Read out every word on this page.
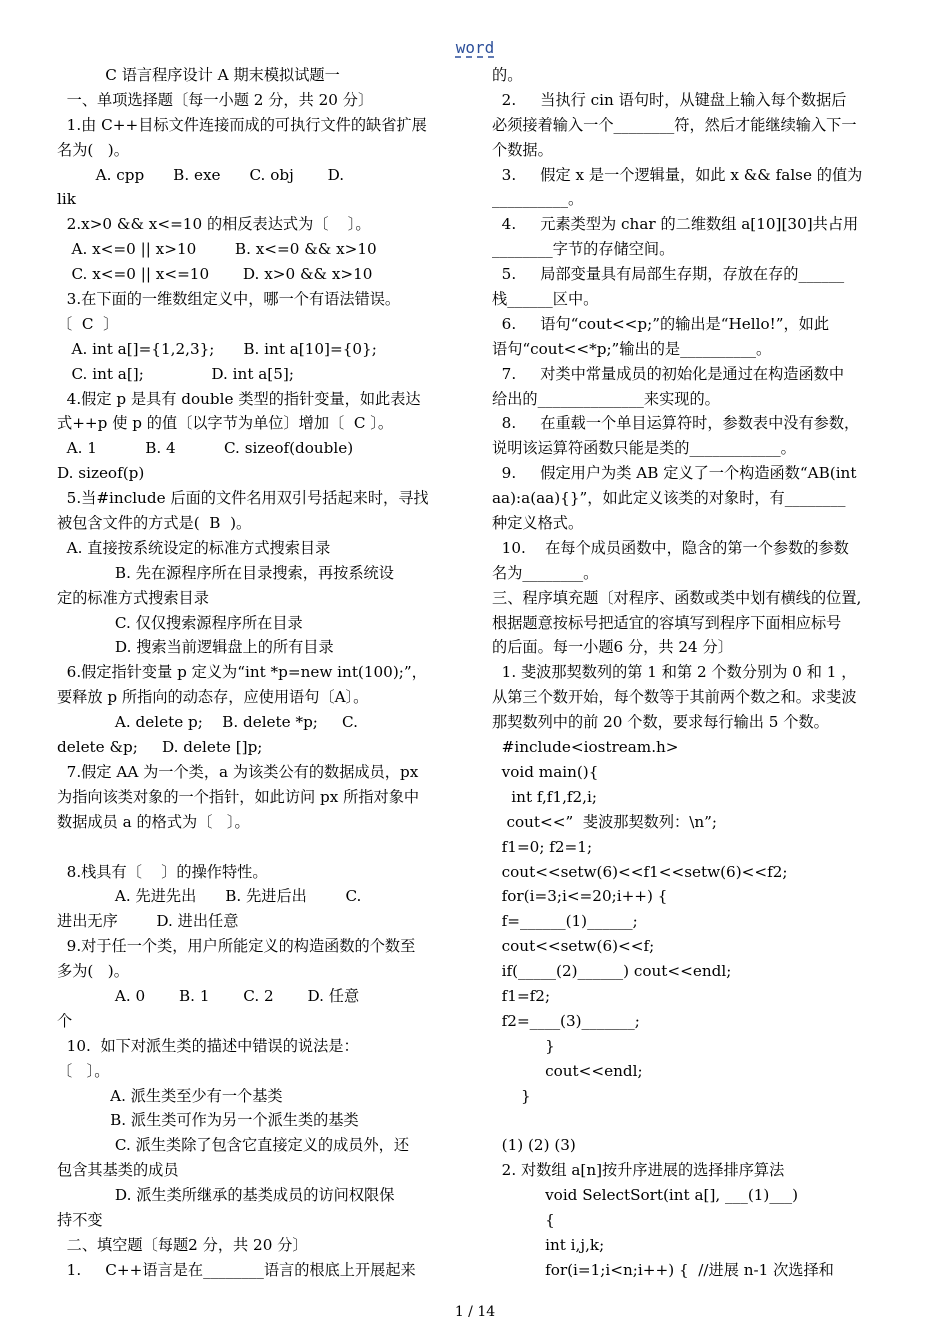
word
C 语言程序设计 A 期末模拟试题一
一、单项选择题〔每一小题 2 分，共 20 分〕
1.由 C++目标文件连接而成的可执行文件的缺省扩展
名为(   )。
A. cpp      B. exe      C. obj       D.
lik
2.x>0 && x<=10 的相反表达式为〔    〕。
A. x<=0 || x>10        B. x<=0 && x>10
C. x<=0 || x<=10       D. x>0 && x>10
3.在下面的一维数组定义中，哪一个有语法错误。
〔  C  〕
A. int a[]={1,2,3};      B. int a[10]={0};
C. int a[];              D. int a[5];
4.假定 p 是具有 double 类型的指针变量，如此表达
式++p 使 p 的值〔以字节为单位〕增加〔  C 〕。
A. 1          B. 4          C. sizeof(double)
D. sizeof(p)
5.当#include 后面的文件名用双引号括起来时，寻找
被包含文件的方式是(  B  )。
A. 直接按系统设定的标准方式搜索目录
B. 先在源程序所在目录搜索，再按系统设
定的标准方式搜索目录
C. 仅仅搜索源程序所在目录
D. 搜索当前逻辑盘上的所有目录
6.假定指针变量 p 定义为“int *p=new int(100);”，
要释放 p 所指向的动态存，应使用语句〔A〕。
A. delete p;    B. delete *p;     C.
delete &p;     D. delete []p;
7.假定 AA 为一个类，a 为该类公有的数据成员，px
为指向该类对象的一个指针，如此访问 px 所指对象中
数据成员 a 的格式为〔   〕。
8.栈具有〔    〕的操作特性。
A. 先进先出      B. 先进后出        C.
进出无序        D. 进出任意
9.对于任一个类，用户所能定义的构造函数的个数至
多为(   )。
A. 0       B. 1       C. 2       D. 任意
个
10.  如下对派生类的描述中错误的说法是：
〔   〕。
A. 派生类至少有一个基类
B. 派生类可作为另一个派生类的基类
C. 派生类除了包含它直接定义的成员外，还
包含其基类的成员
D. 派生类所继承的基类成员的访问权限保
持不变
二、填空题〔每题2 分，共 20 分〕
1.     C++语言是在________语言的根底上开展起来
的。
2.     当执行 cin 语句时，从键盘上输入每个数据后
必须接着输入一个________符，然后才能继续输入下一
个数据。
3.     假定 x 是一个逻辑量，如此 x && false 的值为
__________。
4.     元素类型为 char 的二维数组 a[10][30]共占用
________字节的存储空间。
5.     局部变量具有局部生存期，存放在存的______
栈______区中。
6.     语句“cout<<p;”的输出是“Hello!”，如此
语句“cout<<*p;”输出的是__________。
7.     对类中常量成员的初始化是通过在构造函数中
给出的______________来实现的。
8.     在重载一个单目运算符时，参数表中没有参数，
说明该运算符函数只能是类的____________。
9.     假定用户为类 AB 定义了一个构造函数“AB(int
aa):a(aa){}”，如此定义该类的对象时，有________
种定义格式。
10.    在每个成员函数中，隐含的第一个参数的参数
名为________。
三、程序填充题〔对程序、函数或类中划有横线的位置,
根据题意按标号把适宜的容填写到程序下面相应标号
的后面。每一小题6 分，共 24 分〕
1. 斐波那契数列的第 1 和第 2 个数分别为 0 和 1 ，
从第三个数开始，每个数等于其前两个数之和。求斐波
那契数列中的前 20 个数，要求每行输出 5 个数。
#include<iostream.h>
void main(){
int f,f1,f2,i;
cout<<”  斐波那契数列：\n”;
f1=0; f2=1;
cout<<setw(6)<<f1<<setw(6)<<f2;
for(i=3;i<=20;i++) {
f=______(1)______;
cout<<setw(6)<<f;
if(_____(2)______) cout<<endl;
f1=f2;
f2=____(3)_______;
}
cout<<endl;
}
(1) (2) (3)
2. 对数组 a[n]按升序进展的选择排序算法
void SelectSort(int a[], ___(1)___)
{
int i,j,k;
for(i=1;i<n;i++) {  //进展 n-1 次选择和
1 / 14
